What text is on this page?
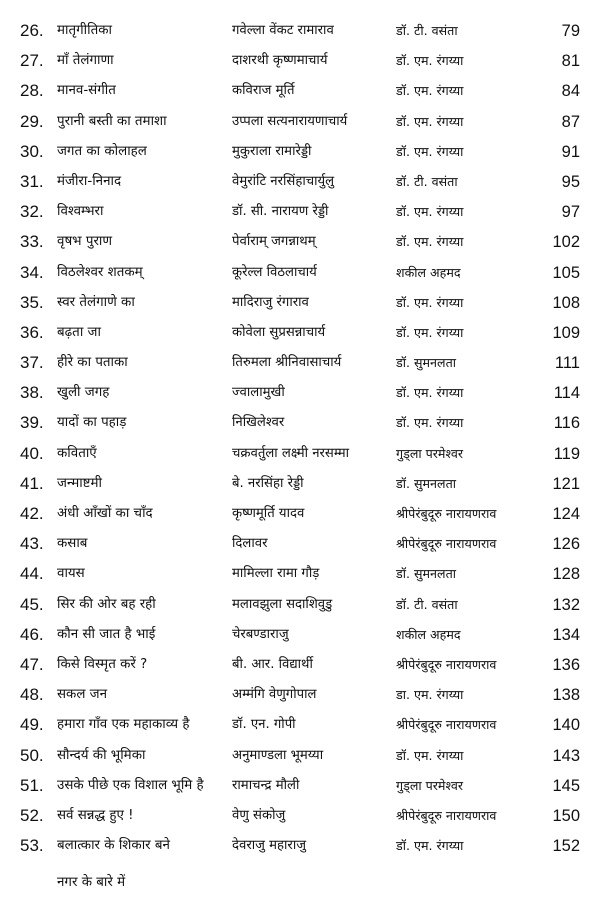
26. मातृगीतिका	गवेल्ला वेंकट रामाराव	डॉ. टी. वसंता	79
27. माँ तेलंगाणा	दाशरथी कृष्णमाचार्य	डॉ. एम. रंगय्या	81
28. मानव-संगीत	कविराज मूर्ति	डॉ. एम. रंगय्या	84
29. पुरानी बस्ती का तमाशा	उप्पला सत्यनारायणाचार्य	डॉ. एम. रंगय्या	87
30. जगत का कोलाहल	मुकुराला रामारेड्डी	डॉ. एम. रंगय्या	91
31. मंजीरा-निनाद	वेमुरांटि नरसिंहाचार्युलु	डॉ. टी. वसंता	95
32. विश्वम्भरा	डॉ. सी. नारायण रेड्डी	डॉ. एम. रंगय्या	97
33. वृषभ पुराण	पेर्वाराम् जगन्नाथम्	डॉ. एम. रंगय्या	102
34. विठलेश्वर शतकम्	कूरेल्ल विठलाचार्य	शकील अहमद	105
35. स्वर तेलंगाणे का	मादिराजु रंगाराव	डॉ. एम. रंगय्या	108
36. बढ़ता जा	कोवेला सुप्रसन्नाचार्य	डॉ. एम. रंगय्या	109
37. हीरे का पताका	तिरुमला श्रीनिवासाचार्य	डॉ. सुमनलता	111
38. खुली जगह	ज्वालामुखी	डॉ. एम. रंगय्या	114
39. यादों का पहाड़	निखिलेश्वर	डॉ. एम. रंगय्या	116
40. कविताएँ	चक्रवर्तुला लक्ष्मी नरसम्मा	गुड्ला परमेश्वर	119
41. जन्माष्टमी	बे. नरसिंहा रेड्डी	डॉ. सुमनलता	121
42. अंधी आँखों का चाँद	कृष्णमूर्ति यादव	श्रीपेरंबुदूरु नारायणराव	124
43. कसाब	दिलावर	श्रीपेरंबुदूरु नारायणराव	126
44. वायस	मामिल्ला रामा गौड़	डॉ. सुमनलता	128
45. सिर की ओर बह रही	मलावझुला सदाशिवुडु	डॉ. टी. वसंता	132
46. कौन सी जात है भाई	चेरबण्डाराजु	शकील अहमद	134
47. किसे विस्मृत करें ?	बी. आर. विद्यार्थी	श्रीपेरंबुदूरु नारायणराव	136
48. सकल जन	अम्मंगि वेणुगोपाल	डा. एम. रंगय्या	138
49. हमारा गाँव एक महाकाव्य है	डॉ. एन. गोपी	श्रीपेरंबुदूरु नारायणराव	140
50. सौन्दर्य की भूमिका	अनुमाण्डला भूमय्या	डॉ. एम. रंगय्या	143
51. उसके पीछे एक विशाल भूमि है	रामाचन्द्र मौली	गुड्ला परमेश्वर	145
52. सर्व सन्नद्ध हुए !	वेणु संकोजु	श्रीपेरंबुदूरु नारायणराव	150
53. बलात्कार के शिकार बने	देवराजु महाराजु	डॉ. एम. रंगय्या	152
नगर के बारे में
